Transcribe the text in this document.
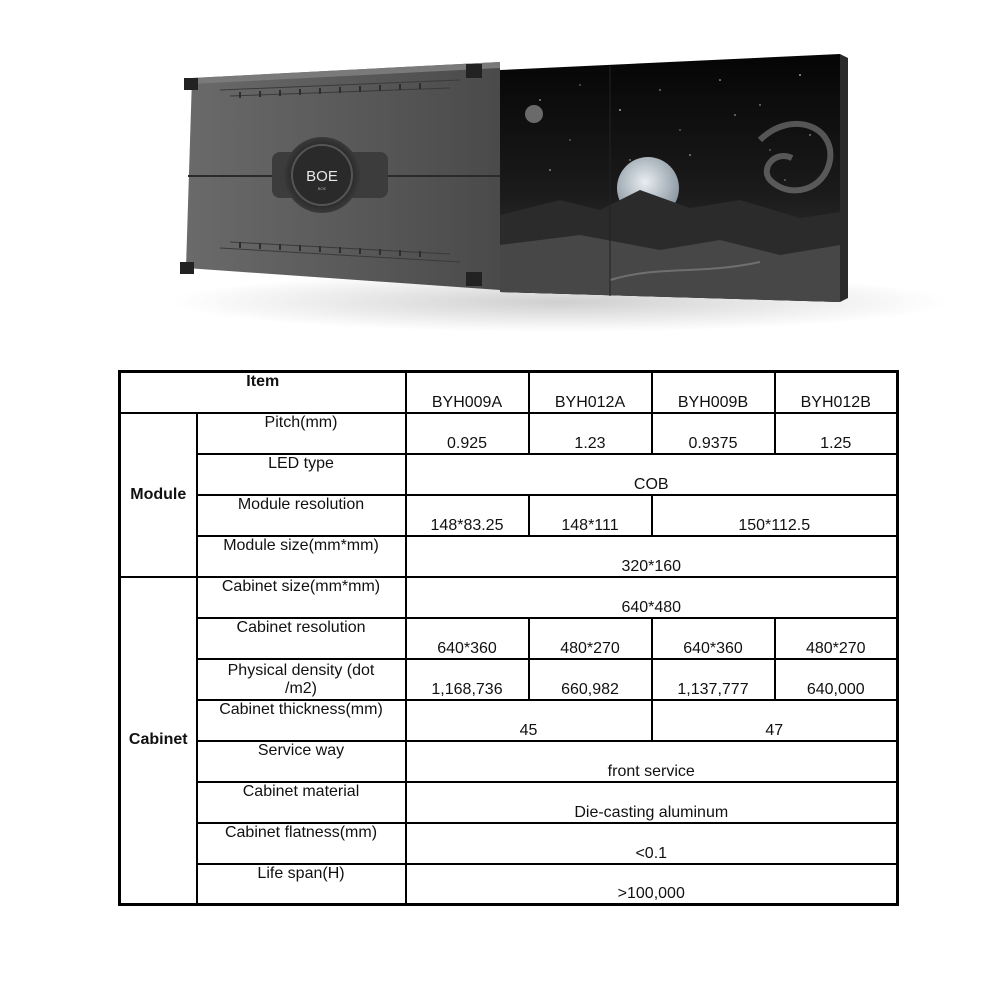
BOE
BOE
Item		BYH009A	BYH012A	BYH009B	BYH012B
Module	Pitch(mm)	0.925	1.23	0.9375	1.25
	LED type	COB			
	Module resolution	148*83.25	148*111	150*112.5	
	Module size(mm*mm)	320*160			
Cabinet	Cabinet size(mm*mm)	640*480			
	Cabinet resolution	640*360	480*270	640*360	480*270
	Physical density (dot
/m2)	1,168,736	660,982	1,137,777	640,000
	Cabinet thickness(mm)	45		47	
	Service way	front service			
	Cabinet material	Die-casting aluminum			
	Cabinet flatness(mm)	<0.1			
	Life span(H)	>100,000			
